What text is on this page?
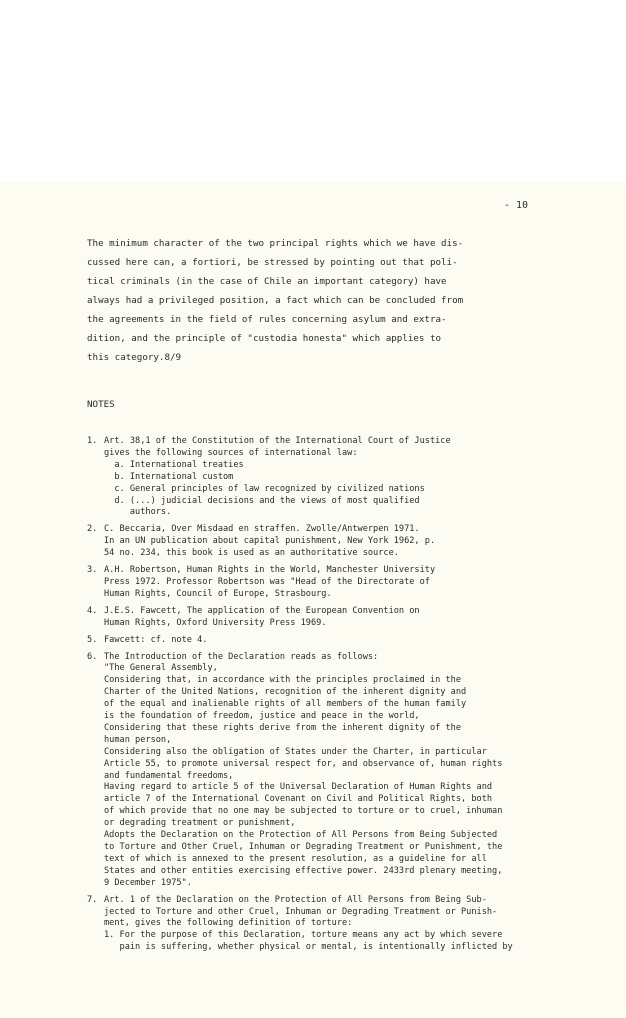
- 10

The minimum character of the two principal rights which we have dis-
cussed here can, a fortiori, be stressed by pointing out that poli-
tical criminals (in the case of Chile an important category) have
always had a privileged position, a fact which can be concluded from
the agreements in the field of rules concerning asylum and extra-
dition, and the principle of "custodia honesta" which applies to
this category.8/9

NOTES
1. Art. 38,1 of the Constitution of the International Court of Justice
gives the following sources of international law:
a. International treaties
b. International custom
c. General principles of law recognized by civilized nations
d. (...) judicial decisions and the views of most qualified
authors.
2. C. Beccaria, Over Misdaad en straffen. Zwolle/Antwerpen 1971.
In an UN publication about capital punishment, New York 1962, p.
54 no. 234, this book is used as an authoritative source.
3. A.H. Robertson, Human Rights in the World, Manchester University
Press 1972. Professor Robertson was "Head of the Directorate of
Human Rights, Council of Europe, Strasbourg.
4. J.E.S. Fawcett, The application of the European Convention on
Human Rights, Oxford University Press 1969.
5. Fawcett: cf. note 4.
6. The Introduction of the Declaration reads as follows:
"The General Assembly,
Considering that, in accordance with the principles proclaimed in the
Charter of the United Nations, recognition of the inherent dignity and
of the equal and inalienable rights of all members of the human family
is the foundation of freedom, justice and peace in the world,
Considering that these rights derive from the inherent dignity of the
human person,
Considering also the obligation of States under the Charter, in particular
Article 55, to promote universal respect for, and observance of, human rights
and fundamental freedoms,
Having regard to article 5 of the Universal Declaration of Human Rights and
article 7 of the International Covenant on Civil and Political Rights, both
of which provide that no one may be subjected to torture or to cruel, inhuman
or degrading treatment or punishment,
Adopts the Declaration on the Protection of All Persons from Being Subjected
to Torture and Other Cruel, Inhuman or Degrading Treatment or Punishment, the
text of which is annexed to the present resolution, as a guideline for all
States and other entities exercising effective power. 2433rd plenary meeting,
9 December 1975".
7. Art. 1 of the Declaration on the Protection of All Persons from Being Sub-
jected to Torture and other Cruel, Inhuman or Degrading Treatment or Punish-
ment, gives the following definition of torture:
1. For the purpose of this Declaration, torture means any act by which severe
pain is suffering, whether physical or mental, is intentionally inflicted by
